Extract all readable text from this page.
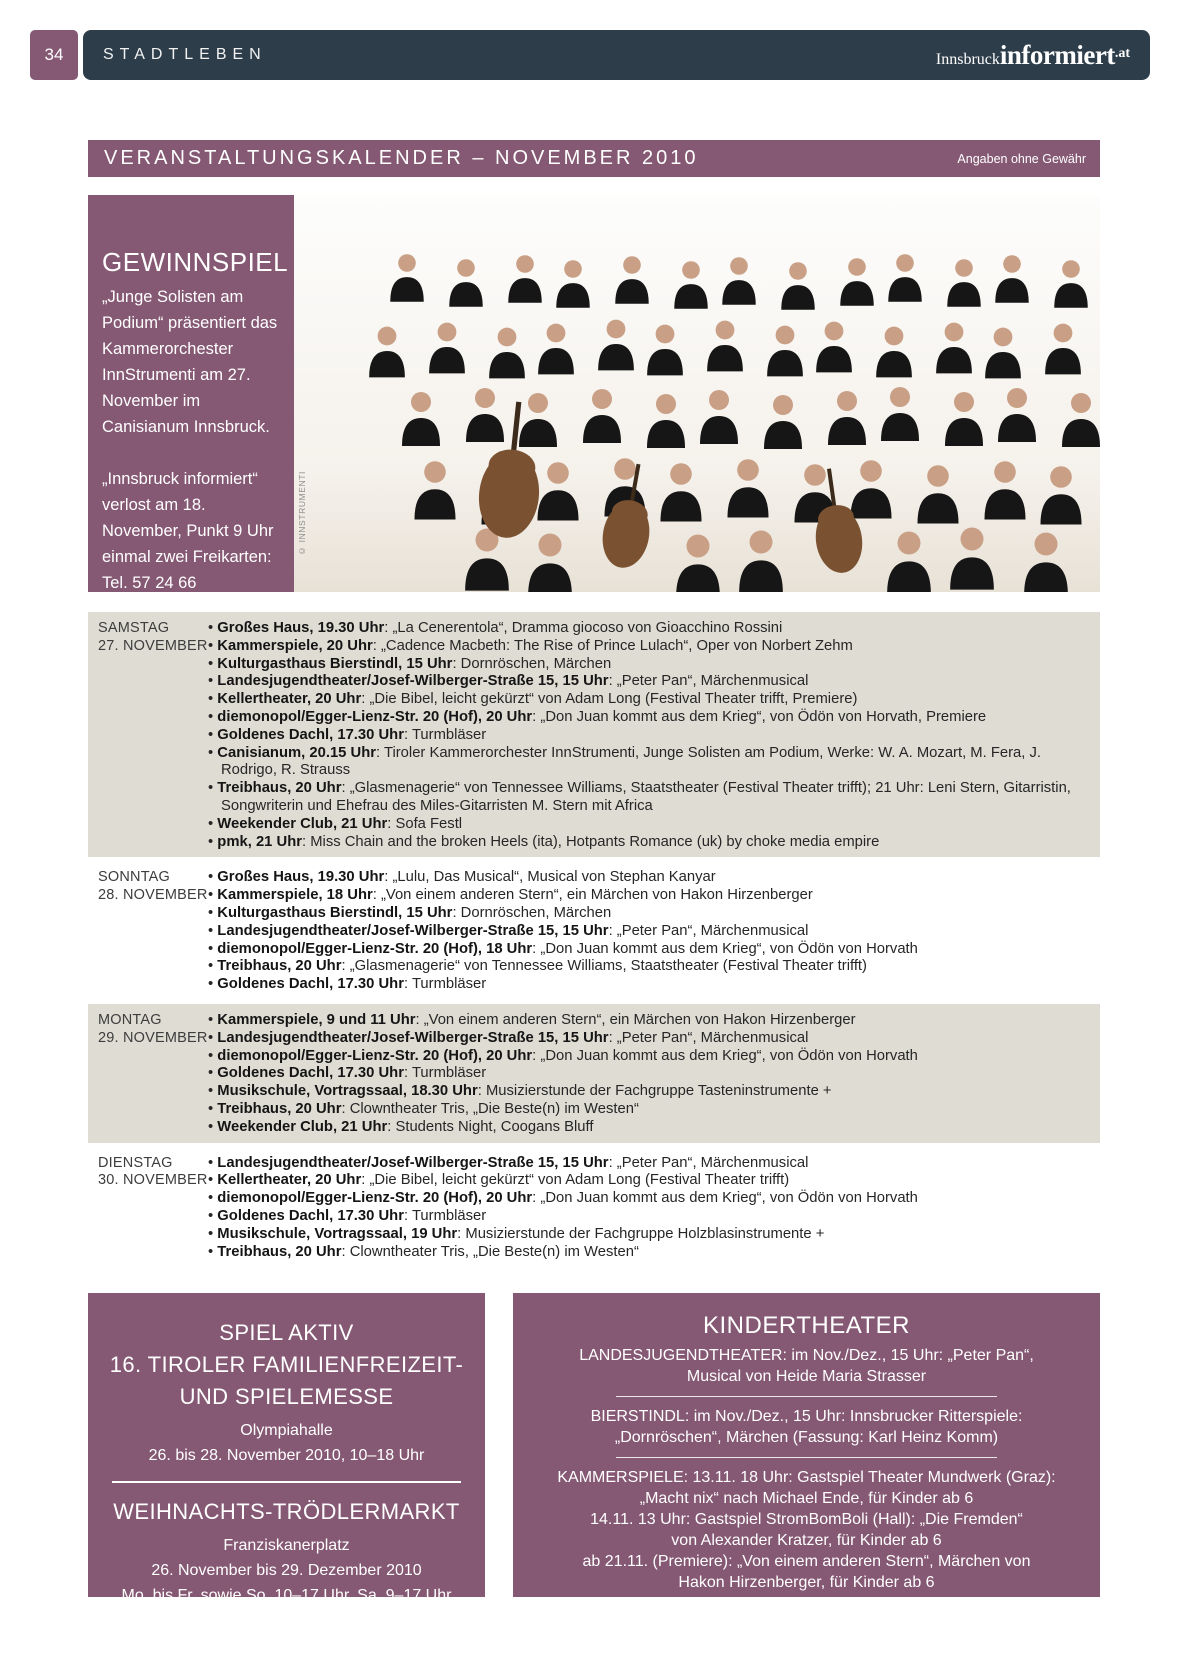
34	STADTLEBEN	Innsbruckinformiert.at
VERANSTALTUNGSKALENDER – NOVEMBER 2010	Angaben ohne Gewähr
GEWINNSPIEL

„Junge Solisten am Podium“ präsentiert das Kammerorchester InnStrumenti am 27. November im Canisianum Innsbruck.

„Innsbruck informiert“ verlost am 18. November, Punkt 9 Uhr einmal zwei Freikarten: Tel. 57 24 66

© INNSTRUMENTI
SAMSTAG
27. NOVEMBER
• Großes Haus, 19.30 Uhr: „La Cenerentola“, Dramma giocoso von Gioacchino Rossini
• Kammerspiele, 20 Uhr: „Cadence Macbeth: The Rise of Prince Lulach“, Oper von Norbert Zehm
• Kulturgasthaus Bierstindl, 15 Uhr: Dornröschen, Märchen
• Landesjugendtheater/Josef-Wilberger-Straße 15, 15 Uhr: „Peter Pan“, Märchenmusical
• Kellertheater, 20 Uhr: „Die Bibel, leicht gekürzt“ von Adam Long (Festival Theater trifft, Premiere)
• diemonopol/Egger-Lienz-Str. 20 (Hof), 20 Uhr: „Don Juan kommt aus dem Krieg“, von Ödön von Horvath, Premiere
• Goldenes Dachl, 17.30 Uhr: Turmbläser
• Canisianum, 20.15 Uhr: Tiroler Kammerorchester InnStrumenti, Junge Solisten am Podium, Werke: W. A. Mozart, M. Fera, J. Rodrigo, R. Strauss
• Treibhaus, 20 Uhr: „Glasmenagerie“ von Tennessee Williams, Staatstheater (Festival Theater trifft); 21 Uhr: Leni Stern, Gitarristin, Songwriterin und Ehefrau des Miles-Gitarristen M. Stern mit Africa
• Weekender Club, 21 Uhr: Sofa Festl
• pmk, 21 Uhr: Miss Chain and the broken Heels (ita), Hotpants Romance (uk) by choke media empire
SONNTAG
28. NOVEMBER
• Großes Haus, 19.30 Uhr: „Lulu, Das Musical“, Musical von Stephan Kanyar
• Kammerspiele, 18 Uhr: „Von einem anderen Stern“, ein Märchen von Hakon Hirzenberger
• Kulturgasthaus Bierstindl, 15 Uhr: Dornröschen, Märchen
• Landesjugendtheater/Josef-Wilberger-Straße 15, 15 Uhr: „Peter Pan“, Märchenmusical
• diemonopol/Egger-Lienz-Str. 20 (Hof), 18 Uhr: „Don Juan kommt aus dem Krieg“, von Ödön von Horvath
• Treibhaus, 20 Uhr: „Glasmenagerie“ von Tennessee Williams, Staatstheater (Festival Theater trifft)
• Goldenes Dachl, 17.30 Uhr: Turmbläser
MONTAG
29. NOVEMBER
• Kammerspiele, 9 und 11 Uhr: „Von einem anderen Stern“, ein Märchen von Hakon Hirzenberger
• Landesjugendtheater/Josef-Wilberger-Straße 15, 15 Uhr: „Peter Pan“, Märchenmusical
• diemonopol/Egger-Lienz-Str. 20 (Hof), 20 Uhr: „Don Juan kommt aus dem Krieg“, von Ödön von Horvath
• Goldenes Dachl, 17.30 Uhr: Turmbläser
• Musikschule, Vortragssaal, 18.30 Uhr: Musizierstunde der Fachgruppe Tasteninstrumente +
• Treibhaus, 20 Uhr: Clowntheater Tris, „Die Beste(n) im Westen“
• Weekender Club, 21 Uhr: Students Night, Coogans Bluff
DIENSTAG
30. NOVEMBER
• Landesjugendtheater/Josef-Wilberger-Straße 15, 15 Uhr: „Peter Pan“, Märchenmusical
• Kellertheater, 20 Uhr: „Die Bibel, leicht gekürzt“ von Adam Long (Festival Theater trifft)
• diemonopol/Egger-Lienz-Str. 20 (Hof), 20 Uhr: „Don Juan kommt aus dem Krieg“, von Ödön von Horvath
• Goldenes Dachl, 17.30 Uhr: Turmbläser
• Musikschule, Vortragssaal, 19 Uhr: Musizierstunde der Fachgruppe Holzblasinstrumente +
• Treibhaus, 20 Uhr: Clowntheater Tris, „Die Beste(n) im Westen“
SPIEL AKTIV
16. TIROLER FAMILIENFREIZEIT-
UND SPIELEMESSE
Olympiahalle
26. bis 28. November 2010, 10–18 Uhr
WEIHNACHTS-TRÖDLERMARKT
Franziskanerplatz
26. November bis 29. Dezember 2010
Mo. bis Fr. sowie So. 10–17 Uhr, Sa. 9–17 Uhr
KINDERTHEATER
LANDESJUGENDTHEATER: im Nov./Dez., 15 Uhr: „Peter Pan“,
Musical von Heide Maria Strasser
BIERSTINDL: im Nov./Dez., 15 Uhr: Innsbrucker Ritterspiele:
„Dornröschen“, Märchen (Fassung: Karl Heinz Komm)
KAMMERSPIELE: 13.11. 18 Uhr: Gastspiel Theater Mundwerk (Graz):
„Macht nix“ nach Michael Ende, für Kinder ab 6
14.11. 13 Uhr: Gastspiel StromBomBoli (Hall): „Die Fremden“
von Alexander Kratzer, für Kinder ab 6
ab 21.11. (Premiere): „Von einem anderen Stern“, Märchen von
Hakon Hirzenberger, für Kinder ab 6
